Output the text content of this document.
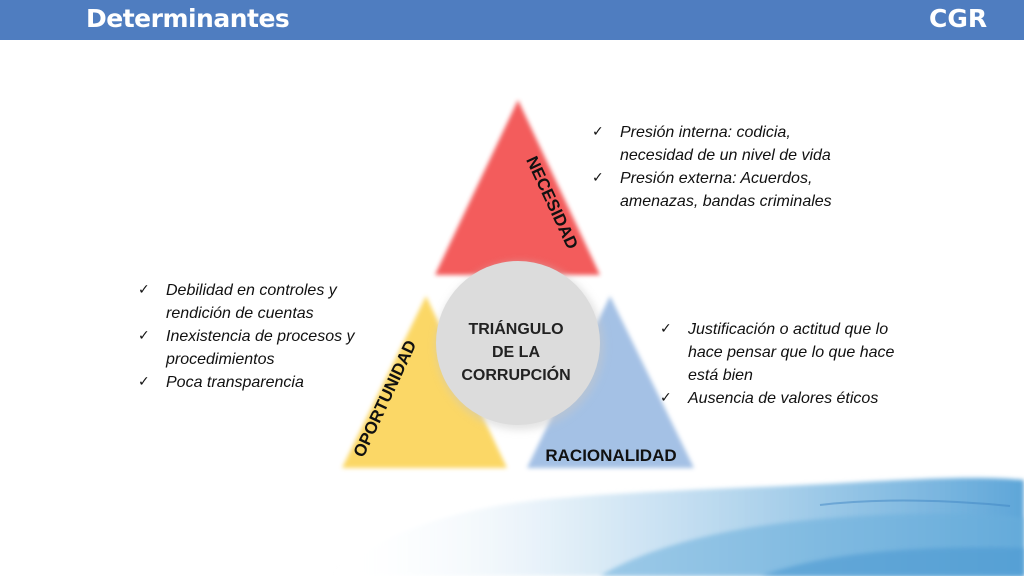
Determinantes	CGR
TRIÁNGULO
DE LA
CORRUPCIÓN
NECESIDAD
OPORTUNIDAD	RACIONALIDAD
✓ Presión interna: codicia, necesidad de un nivel de vida
✓ Presión externa: Acuerdos, amenazas, bandas criminales
✓ Debilidad en controles y rendición de cuentas
✓ Inexistencia de procesos y procedimientos
✓ Poca transparencia
✓ Justificación o actitud que lo hace pensar que lo que hace está bien
✓ Ausencia de valores éticos
